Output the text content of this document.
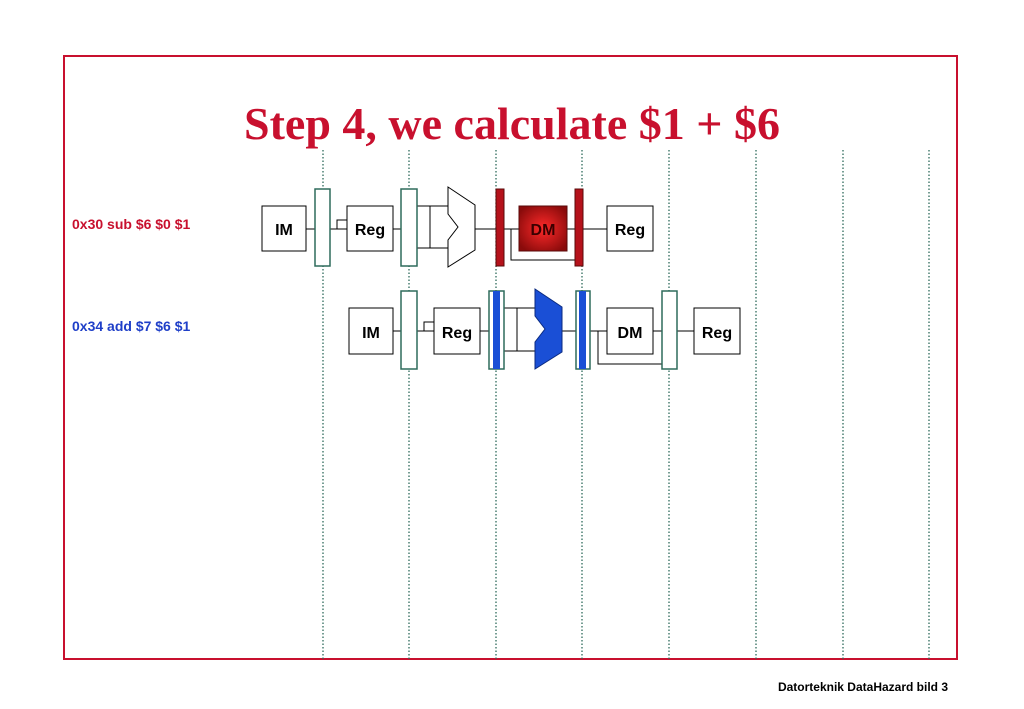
Step 4, we calculate $1 + $6
0x30 sub $6 $0 $1
0x34 add $7 $6 $1
IM	Reg	DM	Reg
IM	Reg	DM	Reg
Datorteknik DataHazard bild 3
